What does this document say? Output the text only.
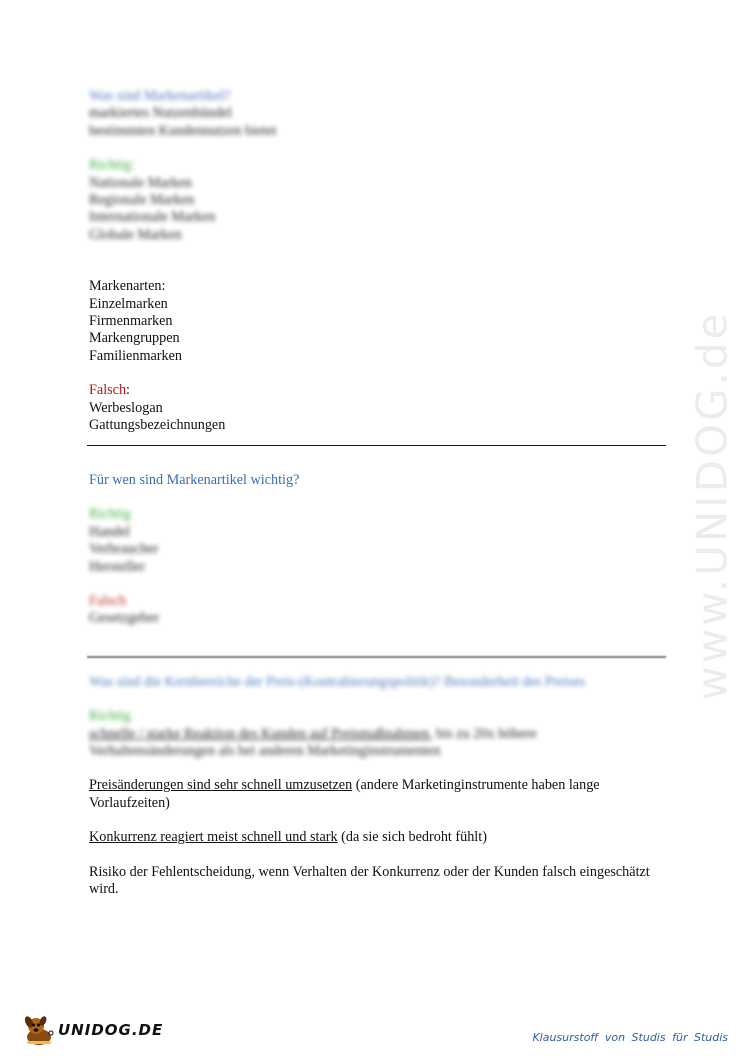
Was sind Markenartikel?
markiertes Nutzenbündel
bestimmten Kundennutzen bietet
Richtig:
Nationale Marken
Regionale Marken
Internationale Marken
Globale Marken
Markenarten:
Einzelmarken
Firmenmarken
Markengruppen
Familienmarken
Falsch:
Werbeslogan
Gattungsbezeichnungen
Für wen sind Markenartikel wichtig?
Richtig
Handel
Verbraucher
Hersteller
Falsch
Gesetzgeber
Was sind die Kernbereiche der Preis-(Kontrahierungspolitik)? Besonderheit des Preises
Richtig
schnelle / starke Reaktion des Kunden auf Preismaßnahmen, bis zu 20x höhere
Verhaltensänderungen als bei anderen Marketinginstrumenten
Preisänderungen sind sehr schnell umzusetzen (andere Marketinginstrumente haben lange Vorlaufzeiten)
Konkurrenz reagiert meist schnell und stark (da sie sich bedroht fühlt)
Risiko der Fehlentscheidung, wenn Verhalten der Konkurrenz oder der Kunden falsch eingeschätzt wird.
www.UNIDOG.de
UNIDOG.DE	Klausurstoff von Studis für Studis
